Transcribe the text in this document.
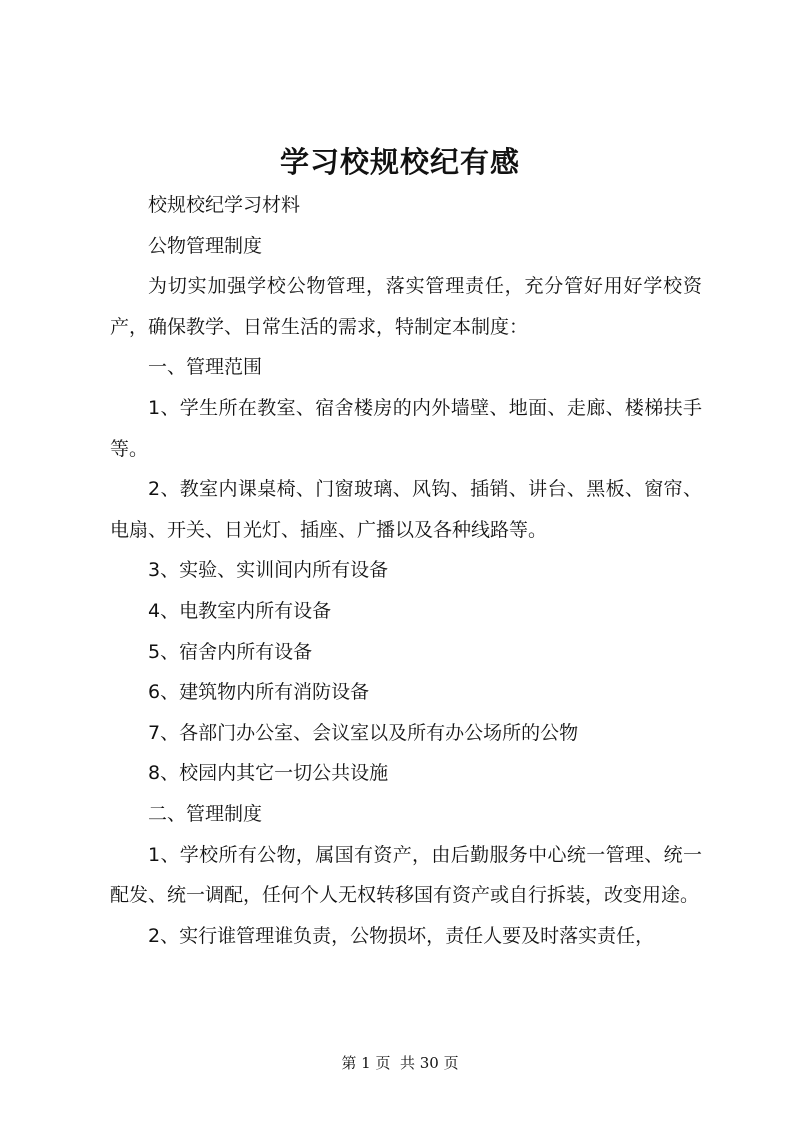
学习校规校纪有感

校规校纪学习材料

公物管理制度

为切实加强学校公物管理，落实管理责任，充分管好用好学校资产，确保教学、日常生活的需求，特制定本制度：

一、管理范围

1、学生所在教室、宿舍楼房的内外墙壁、地面、走廊、楼梯扶手等。

2、教室内课桌椅、门窗玻璃、风钩、插销、讲台、黑板、窗帘、电扇、开关、日光灯、插座、广播以及各种线路等。

3、实验、实训间内所有设备

4、电教室内所有设备

5、宿舍内所有设备

6、建筑物内所有消防设备

7、各部门办公室、会议室以及所有办公场所的公物

8、校园内其它一切公共设施

二、管理制度

1、学校所有公物，属国有资产，由后勤服务中心统一管理、统一配发、统一调配，任何个人无权转移国有资产或自行拆装，改变用途。

2、实行谁管理谁负责，公物损坏，责任人要及时落实责任，

第 1 页  共 30 页
